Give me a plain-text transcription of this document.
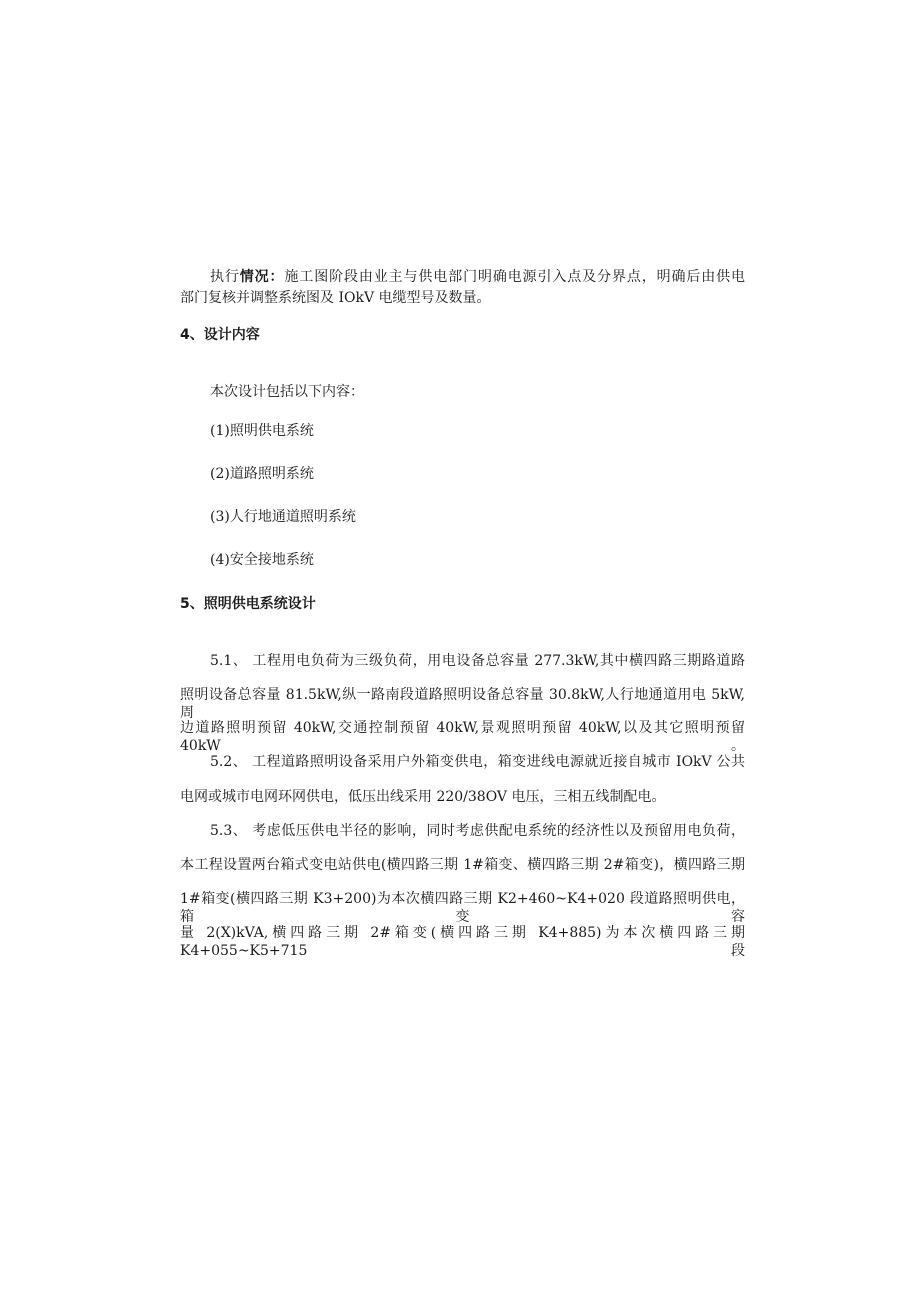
执行情况：施工图阶段由业主与供电部门明确电源引入点及分界点，明确后由供电
部门复核并调整系统图及 IOkV 电缆型号及数量。
4、设计内容
本次设计包括以下内容：
(1)照明供电系统
(2)道路照明系统
(3)人行地通道照明系统
(4)安全接地系统
5、照明供电系统设计
5.1、 工程用电负荷为三级负荷，用电设备总容量 277.3kW,其中横四路三期路道路
照明设备总容量 81.5kW,纵一路南段道路照明设备总容量 30.8kW,人行地通道用电 5kW,周
边道路照明预留 40kW,交通控制预留 40kW,景观照明预留 40kW,以及其它照明预留 40kW。
5.2、 工程道路照明设备采用户外箱变供电，箱变进线电源就近接自城市 IOkV 公共
电网或城市电网环网供电，低压出线采用 220/38OV 电压，三相五线制配电。
5.3、 考虑低压供电半径的影响，同时考虑供配电系统的经济性以及预留用电负荷，
本工程设置两台箱式变电站供电(横四路三期 1#箱变、横四路三期 2#箱变)，横四路三期
1#箱变(横四路三期 K3+200)为本次横四路三期 K2+460~K4+020 段道路照明供电，箱变容
量 2(X)kVA,横四路三期 2#箱变(横四路三期 K4+885)为本次横四路三期 K4+055~K5+715 段
